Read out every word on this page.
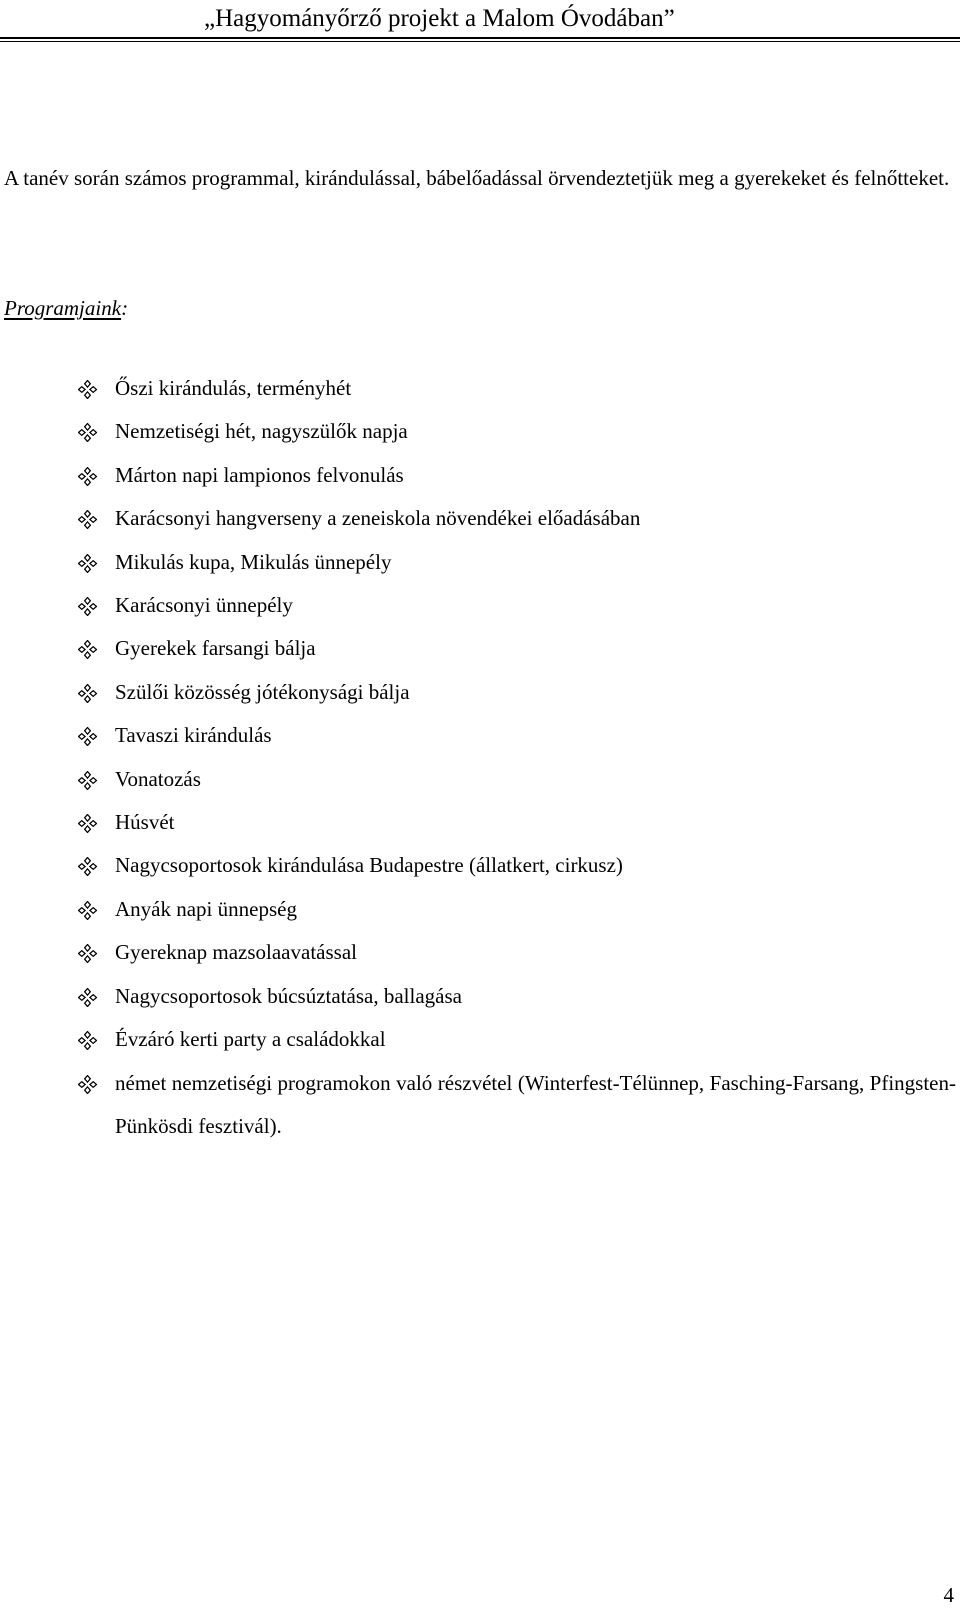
„Hagyományőrző projekt a Malom Óvodában”

A tanév során számos programmal, kirándulással, bábelőadással örvendeztetjük meg a gyerekeket és felnőtteket.

Programjaink:

Őszi kirándulás, terményhét
Nemzetiségi hét, nagyszülők napja
Márton napi lampionos felvonulás
Karácsonyi hangverseny a zeneiskola növendékei előadásában
Mikulás kupa, Mikulás ünnepély
Karácsonyi ünnepély
Gyerekek farsangi bálja
Szülői közösség jótékonysági bálja
Tavaszi kirándulás
Vonatozás
Húsvét
Nagycsoportosok kirándulása Budapestre (állatkert, cirkusz)
Anyák napi ünnepség
Gyereknap mazsolaavatással
Nagycsoportosok búcsúztatása, ballagása
Évzáró kerti party a családokkal
német nemzetiségi programokon való részvétel (Winterfest-Télünnep, Fasching-Farsang, Pfingsten-Pünkösdi fesztivál).
4
